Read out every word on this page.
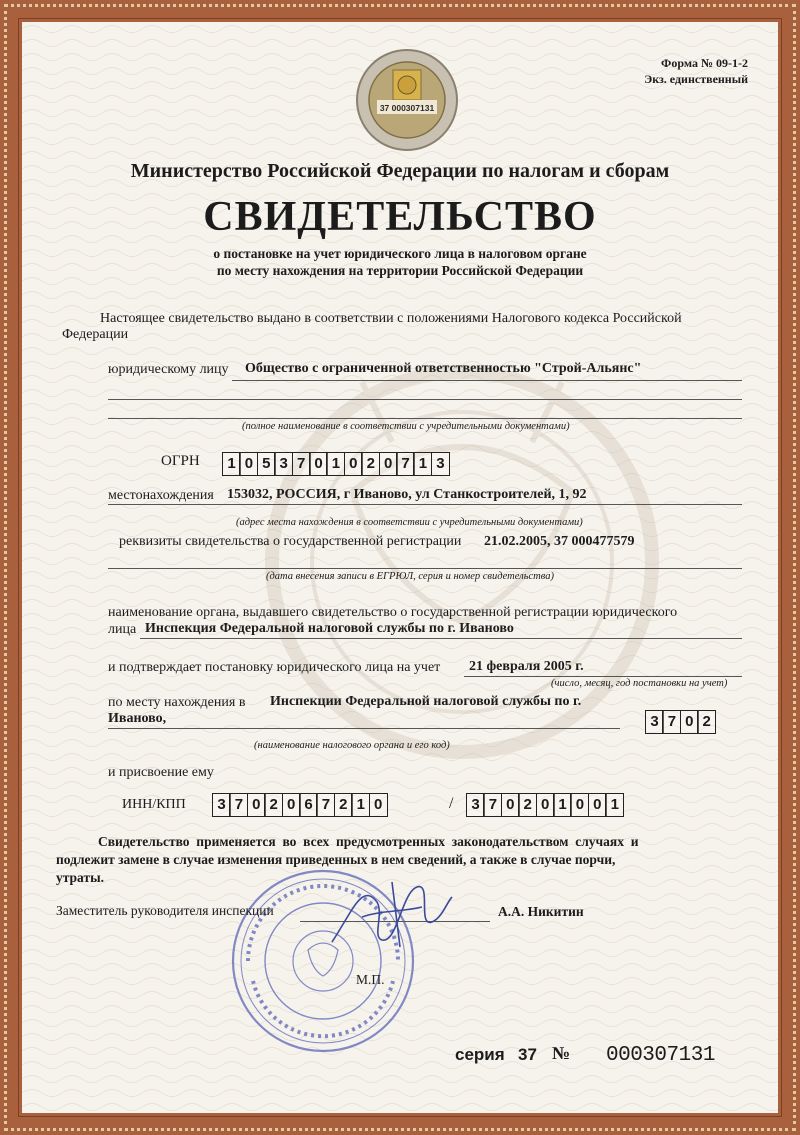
37 000307131
Форма № 09-1-2
Экз. единственный
Министерство Российской Федерации по налогам и сборам
СВИДЕТЕЛЬСТВО
о постановке на учет юридического лица в налоговом органе
по месту нахождения на территории Российской Федерации
Настоящее свидетельство выдано в соответствии с положениями Налогового кодекса Российской
Федерации
юридическому лицу Общество с ограниченной ответственностью "Строй-Альянс"
(полное наименование в соответствии с учредительными документами)
ОГРН	1 0 5 3 7 0 1 0 2 0 7 1 3
местонахождения 153032, РОССИЯ, г Иваново, ул Станкостроителей, 1, 92
(адрес места нахождения в соответствии с учредительными документами)
реквизиты свидетельства о государственной регистрации 21.02.2005, 37 000477579
(дата внесения записи в ЕГРЮЛ, серия и номер свидетельства)
наименование органа, выдавшего свидетельство о государственной регистрации юридического
лица Инспекция Федеральной налоговой службы по г. Иваново
и подтверждает постановку юридического лица на учет 21 февраля 2005 г.
(число, месяц, год постановки на учет)
по месту нахождения в Инспекции Федеральной налоговой службы по г.
Иваново,	3 7 0 2
(наименование налогового органа и его код)
и присвоение ему
ИНН/КПП	3 7 0 2 0 6 7 2 1 0	/	3 7 0 2 0 1 0 0 1
Свидетельство  применяется  во  всех  предусмотренных  законодательством  случаях  и
подлежит замене в случае изменения приведенных в нем сведений, а также в случае порчи,
утраты.
Заместитель руководителя инспекции	А.А. Никитин
М.П.
серия 37 № 000307131
